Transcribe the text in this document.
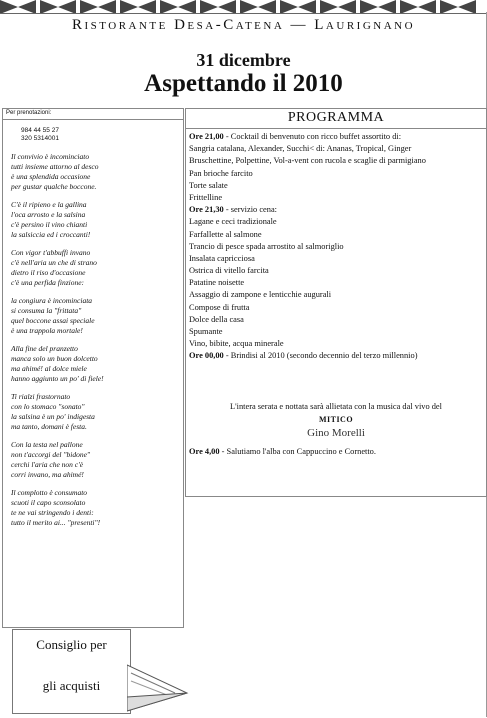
Ristorante Desa-Catena — Laurignano
31 dicembre
Aspettando il 2010
Per prenotazioni:
984 44 55 27
320 5314001
Il convivio è incominciato
tutti insieme attorno al desco
è una splendida occasione
per gustar qualche boccone.
C'è il ripieno e la gallina
l'oca arrosto e la salsina
c'è persino il vino chianti
la salsiccia ed i croccanti!
Con vigor t'abbuffi invano
c'è nell'aria un che di strano
dietro il riso d'occasione
c'è una perfida finzione:
la congiura è incominciata
si consuma la "frittata"
quel boccone assai speciale
è una trappola mortale!
Alla fine del pranzetto
manca solo un buon dolcetto
ma ahimé! al dolce miele
hanno aggiunto un po' di fiele!
Ti rialzi frastornato
con lo stomaco "sonato"
la salsina è un po' indigesta
ma tanto, domani è festa.
Con la testa nel pallone
non t'accorgi del "bidone"
cerchi l'aria che non c'è
corri invano, ma ahimé!
Il complotto è consumato
scuoti il capo sconsolato
te ne vai stringendo i denti:
tutto il merito ai... "presenti"!
PROGRAMMA
Ore 21,00 - Cocktail di benvenuto con ricco buffet assortito di:
Sangria catalana, Alexander, Succhi< di: Ananas, Tropical, Ginger
Bruschettine, Polpettine, Vol-a-vent con rucola e scaglie di parmigiano
Pan brioche farcito
Torte salate
Frittelline
Ore 21,30 - servizio cena:
Lagane e ceci tradizionale
Farfallette al salmone
Trancio di pesce spada arrostito al salmoriglio
Insalata capricciosa
Ostrica di vitello farcita
Patatine noisette
Assaggio di zampone e lenticchie augurali
Compose di frutta
Dolce della casa
Spumante
Vino, bibite, acqua minerale
Ore 00,00 - Brindisi al 2010 (secondo decennio del terzo millennio)
L'intera serata e nottata sarà allietata con la musica dal vivo del
MITICO
Gino Morelli
Ore 4,00 - Salutiamo l'alba con Cappuccino e Cornetto.
Consiglio per
gli acquisti
